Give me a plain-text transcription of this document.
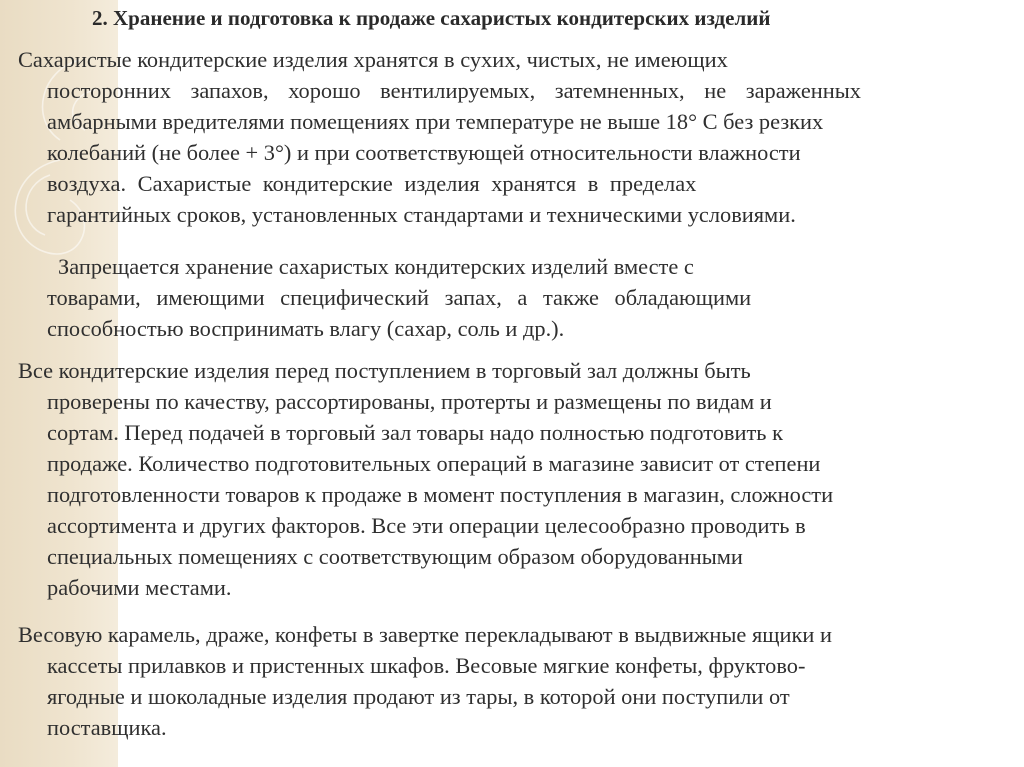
2. Хранение и подготовка к продаже сахаристых кондитерских изделий
Сахаристые кондитерские изделия хранятся в сухих, чистых, не имеющих
посторонних запахов, хорошо вентилируемых, затемненных, не зараженных
амбарными вредителями помещениях при температуре не выше 18° С без резких
колебаний (не более + 3°) и при соответствующей относительности влажности
воздуха. Сахаристые кондитерские изделия хранятся в пределах
гарантийных сроков, установленных стандартами и техническими условиями.
Запрещается хранение сахаристых кондитерских изделий вместе с
товарами, имеющими специфический запах, а также обладающими
способностью воспринимать влагу (сахар, соль и др.).
Все кондитерские изделия перед поступлением в торговый зал должны быть
проверены по качеству, рассортированы, протерты и размещены по видам и
сортам. Перед подачей в торговый зал товары надо полностью подготовить к
продаже. Количество подготовительных операций в магазине зависит от степени
подготовленности товаров к продаже в момент поступления в магазин, сложности
ассортимента и других факторов. Все эти операции целесообразно проводить в
специальных помещениях с соответствующим образом оборудованными
рабочими местами.
Весовую карамель, драже, конфеты в завертке перекладывают в выдвижные ящики и
кассеты прилавков и пристенных шкафов. Весовые мягкие конфеты, фруктово-
ягодные и шоколадные изделия продают из тары, в которой они поступили от
поставщика.
